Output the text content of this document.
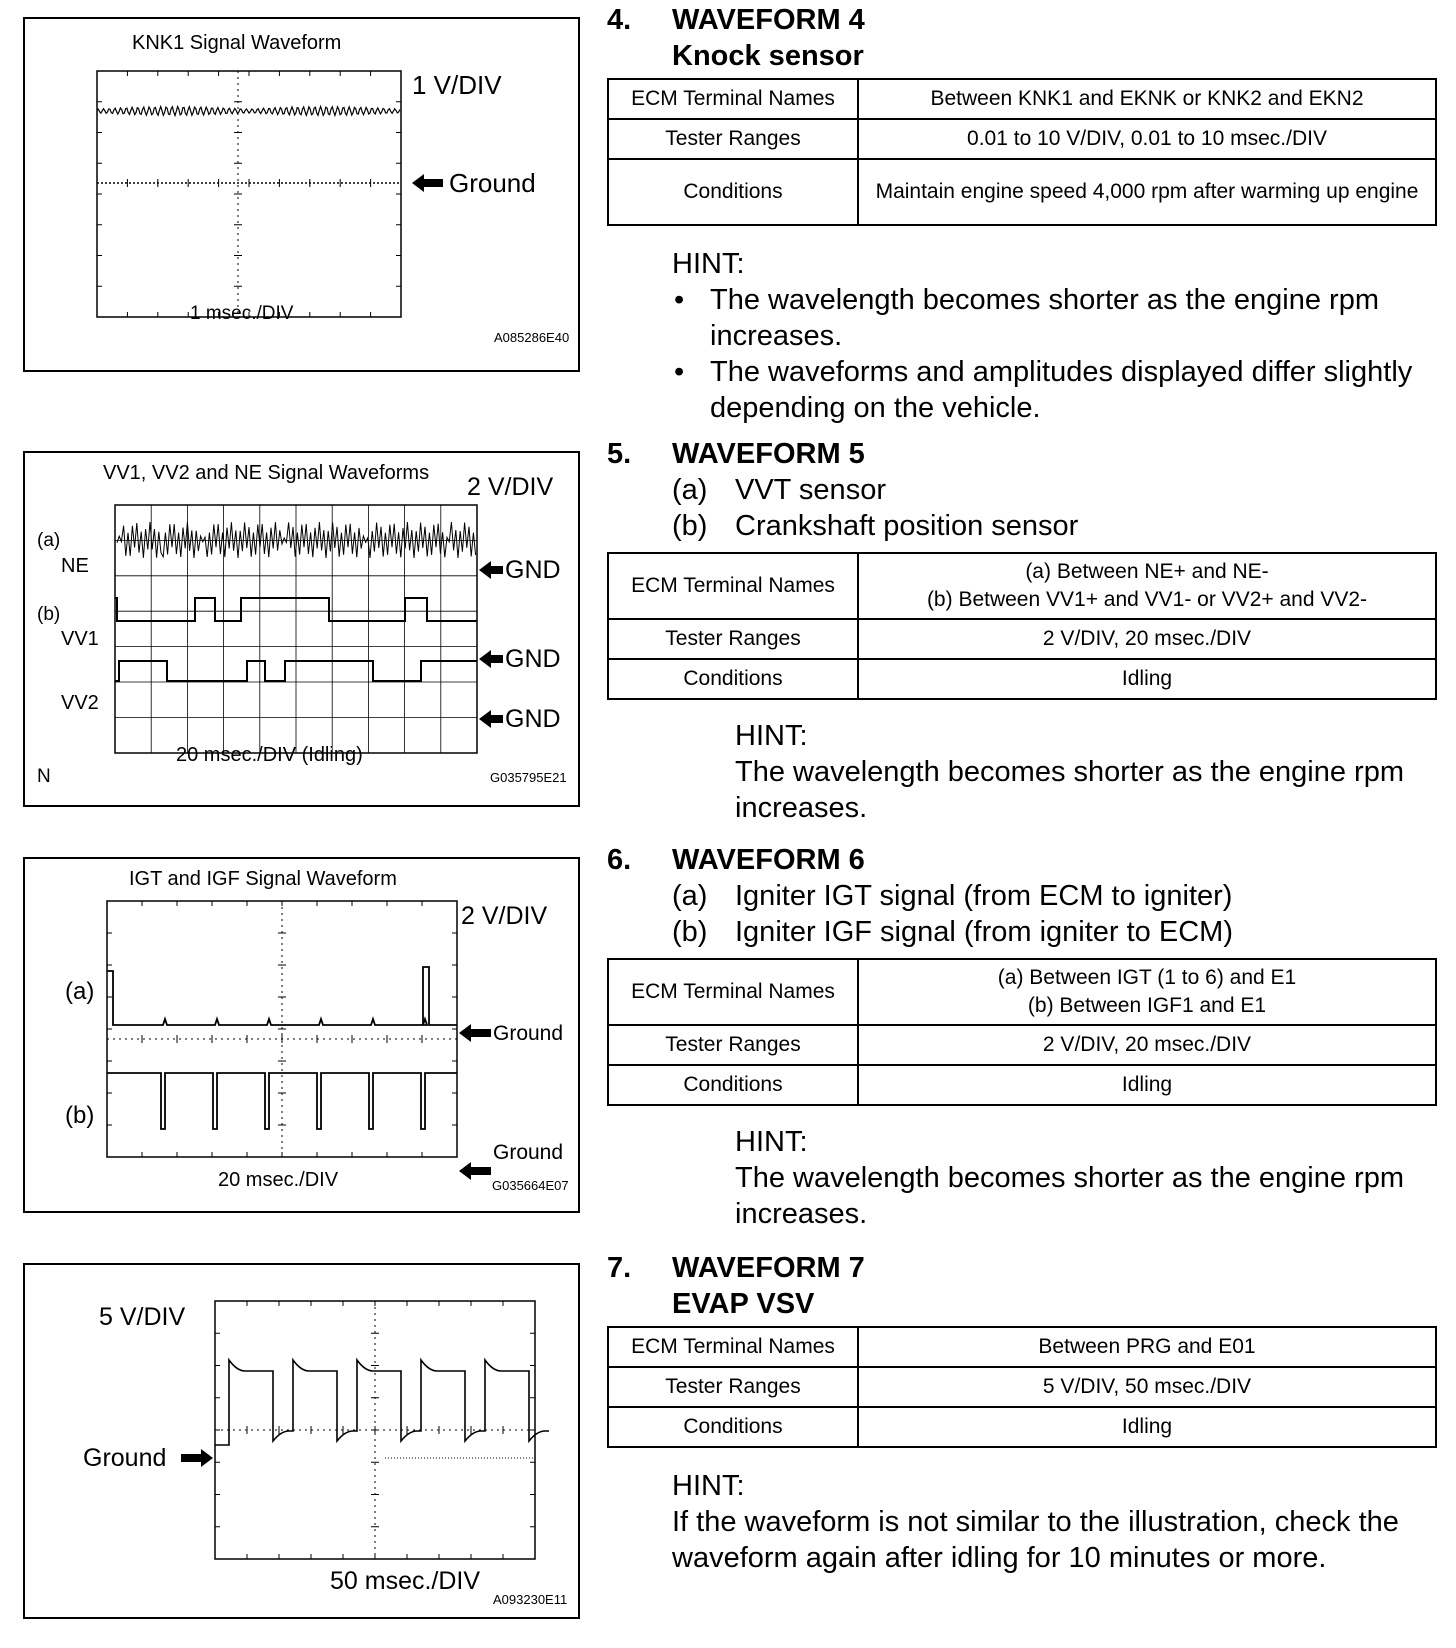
KNK1 Signal Waveform
1 V/DIV
Ground
1 msec./DIV
A085286E40
VV1, VV2 and NE Signal Waveforms 2 V/DIV
(a)
NE
(b)
VV1
VV2
GND
GND
GND
20 msec./DIV (Idling)
N	G035795E21
IGT and IGF Signal Waveform
2 V/DIV
(a)
(b)
Ground
Ground
20 msec./DIV	G035664E07
5 V/DIV
Ground
50 msec./DIV
A093230E11
4. WAVEFORM 4
Knock sensor
ECM Terminal Names	Between KNK1 and EKNK or KNK2 and EKN2
Tester Ranges	0.01 to 10 V/DIV, 0.01 to 10 msec./DIV
Conditions	Maintain engine speed 4,000 rpm after warming up engine
HINT:
• The wavelength becomes shorter as the engine rpm increases.
• The waveforms and amplitudes displayed differ slightly depending on the vehicle.
5. WAVEFORM 5
(a) VVT sensor
(b) Crankshaft position sensor
ECM Terminal Names	(a) Between NE+ and NE-
(b) Between VV1+ and VV1- or VV2+ and VV2-

Tester Ranges	2 V/DIV, 20 msec./DIV
Conditions	Idling
HINT:
The wavelength becomes shorter as the engine rpm increases.
6. WAVEFORM 6
(a) Igniter IGT signal (from ECM to igniter)
(b) Igniter IGF signal (from igniter to ECM)
ECM Terminal Names	(a) Between IGT (1 to 6) and E1
(b) Between IGF1 and E1

Tester Ranges	2 V/DIV, 20 msec./DIV
Conditions	Idling
HINT:
The wavelength becomes shorter as the engine rpm increases.
7. WAVEFORM 7
EVAP VSV
ECM Terminal Names	Between PRG and E01
Tester Ranges	5 V/DIV, 50 msec./DIV
Conditions	Idling
HINT:
If the waveform is not similar to the illustration, check the waveform again after idling for 10 minutes or more.
